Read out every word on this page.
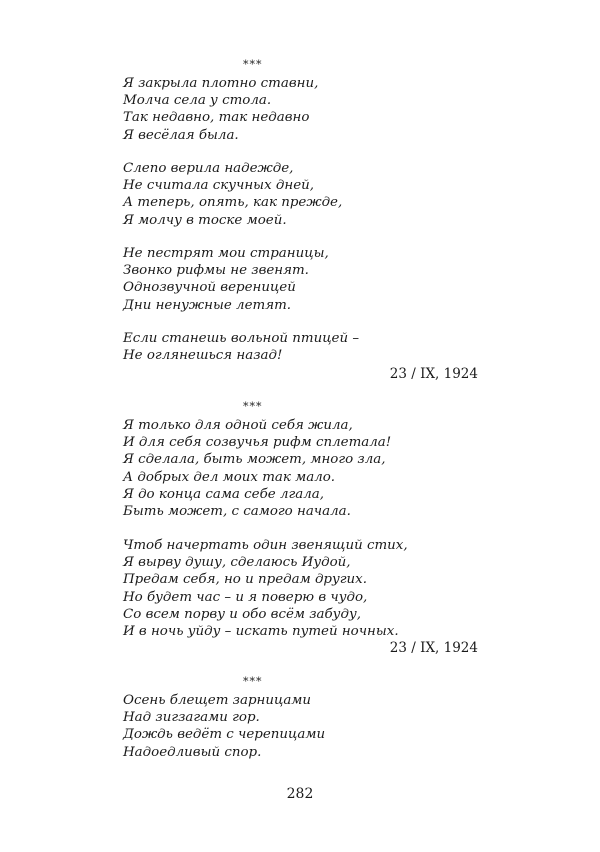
***
Я закрыла плотно ставни,
Молча села у стола.
Так недавно, так недавно
Я весёлая была.
Слепо верила надежде,
Не считала скучных дней,
А теперь, опять, как прежде,
Я молчу в тоске моей.
Не пестрят мои страницы,
Звонко рифмы не звенят.
Однозвучной вереницей
Дни ненужные летят.
Если станешь вольной птицей –
Не оглянешься назад!
23 / IX, 1924
***
Я только для одной себя жила,
И для себя созвучья рифм сплетала!
Я сделала, быть может, много зла,
А добрых дел моих так мало.
Я до конца сама себе лгала,
Быть может, с самого начала.
Чтоб начертать один звенящий стих,
Я вырву душу, сделаюсь Иудой,
Предам себя, но и предам других.
Но будет час – и я поверю в чудо,
Со всем порву и обо всём забуду,
И в ночь уйду – искать путей ночных.
23 / IX, 1924
***
Осень блещет зарницами
Над зигзагами гор.
Дождь ведёт с черепицами
Надоедливый спор.
282
